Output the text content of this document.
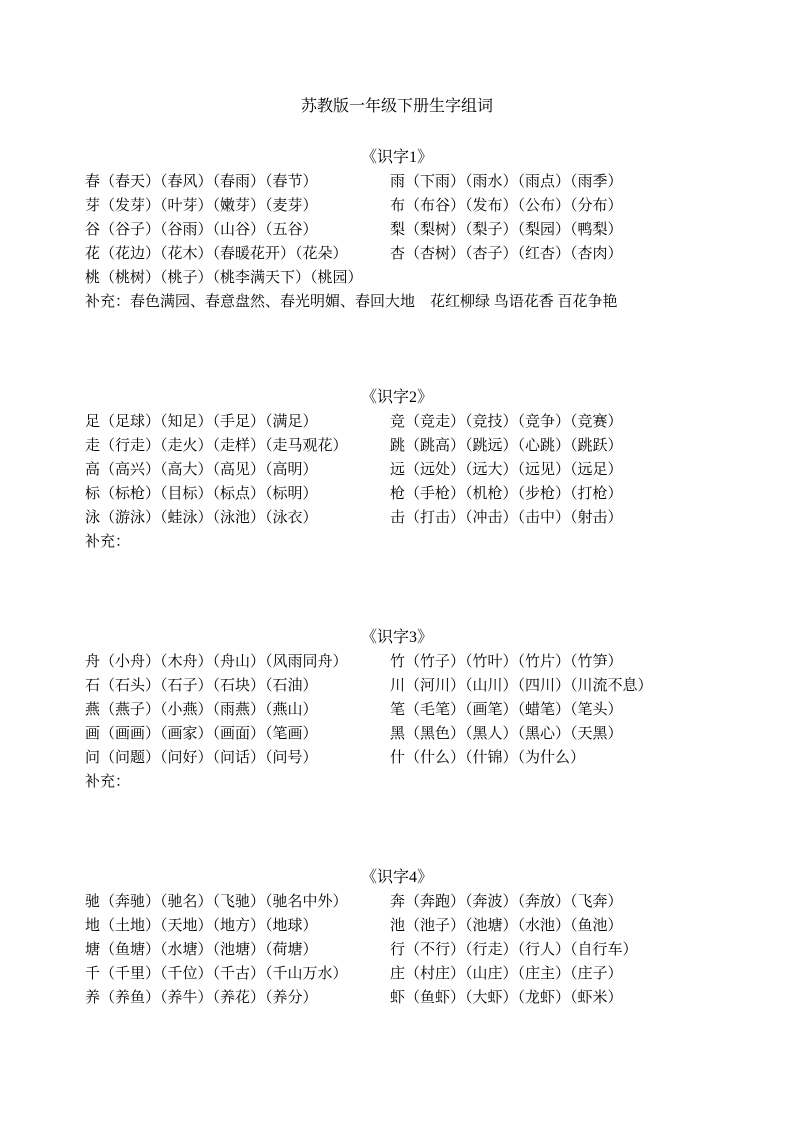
苏教版一年级下册生字组词
《识字1》
春（春天）（春风）（春雨）（春节）	雨（下雨）（雨水）（雨点）（雨季）
芽（发芽）（叶芽）（嫩芽）（麦芽）	布（布谷）（发布）（公布）（分布）
谷（谷子）（谷雨）（山谷）（五谷）	梨（梨树）（梨子）（梨园）（鸭梨）
花（花边）（花木）（春暖花开）（花朵）	杏（杏树）（杏子）（红杏）（杏肉）
桃（桃树）（桃子）（桃李满天下）（桃园）
补充：春色满园、春意盘然、春光明媚、春回大地　花红柳绿 鸟语花香 百花争艳
《识字2》
足（足球）（知足）（手足）（满足）	竞（竞走）（竞技）（竞争）（竞赛）
走（行走）（走火）（走样）（走马观花）	跳（跳高）（跳远）（心跳）（跳跃）
高（高兴）（高大）（高见）（高明）	远（远处）（远大）（远见）（远足）
标（标枪）（目标）（标点）（标明）	枪（手枪）（机枪）（步枪）（打枪）
泳（游泳）（蛙泳）（泳池）（泳衣）	击（打击）（冲击）（击中）（射击）
补充：
《识字3》
舟（小舟）（木舟）（舟山）（风雨同舟）	竹（竹子）（竹叶）（竹片）（竹笋）
石（石头）（石子）（石块）（石油）	川（河川）（山川）（四川）（川流不息）
燕（燕子）（小燕）（雨燕）（燕山）	笔（毛笔）（画笔）（蜡笔）（笔头）
画（画画）（画家）（画面）（笔画）	黑（黑色）（黑人）（黑心）（天黑）
问（问题）（问好）（问话）（问号）	什（什么）（什锦）（为什么）
补充：
《识字4》
驰（奔驰）（驰名）（飞驰）（驰名中外）	奔（奔跑）（奔波）（奔放）（飞奔）
地（土地）（天地）（地方）（地球）	池（池子）（池塘）（水池）（鱼池）
塘（鱼塘）（水塘）（池塘）（荷塘）	行（不行）（行走）（行人）（自行车）
千（千里）（千位）（千古）（千山万水）	庄（村庄）（山庄）（庄主）（庄子）
养（养鱼）（养牛）（养花）（养分）	虾（鱼虾）（大虾）（龙虾）（虾米）
